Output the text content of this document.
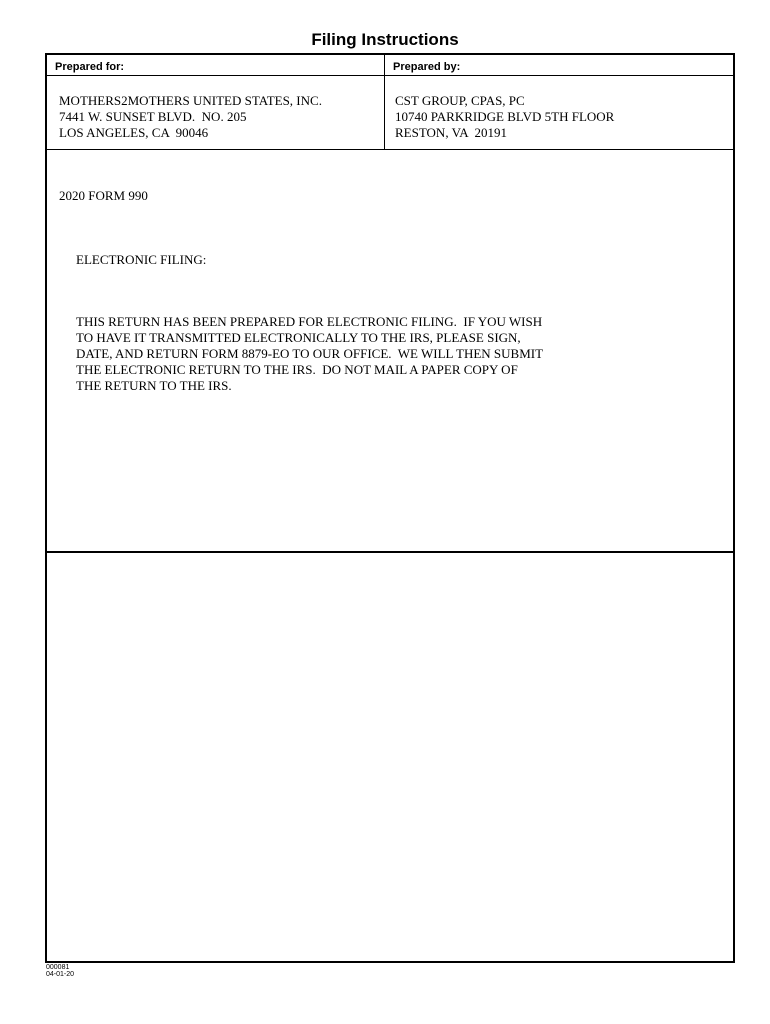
Filing Instructions
Prepared for:
MOTHERS2MOTHERS UNITED STATES, INC.
7441 W. SUNSET BLVD.  NO. 205
LOS ANGELES, CA  90046
Prepared by:
CST GROUP, CPAS, PC
10740 PARKRIDGE BLVD 5TH FLOOR
RESTON, VA  20191

2020 FORM 990

ELECTRONIC FILING:

THIS RETURN HAS BEEN PREPARED FOR ELECTRONIC FILING.  IF YOU WISH
TO HAVE IT TRANSMITTED ELECTRONICALLY TO THE IRS, PLEASE SIGN,
DATE, AND RETURN FORM 8879-EO TO OUR OFFICE.  WE WILL THEN SUBMIT
THE ELECTRONIC RETURN TO THE IRS.  DO NOT MAIL A PAPER COPY OF
THE RETURN TO THE IRS.

000081
04-01-20
